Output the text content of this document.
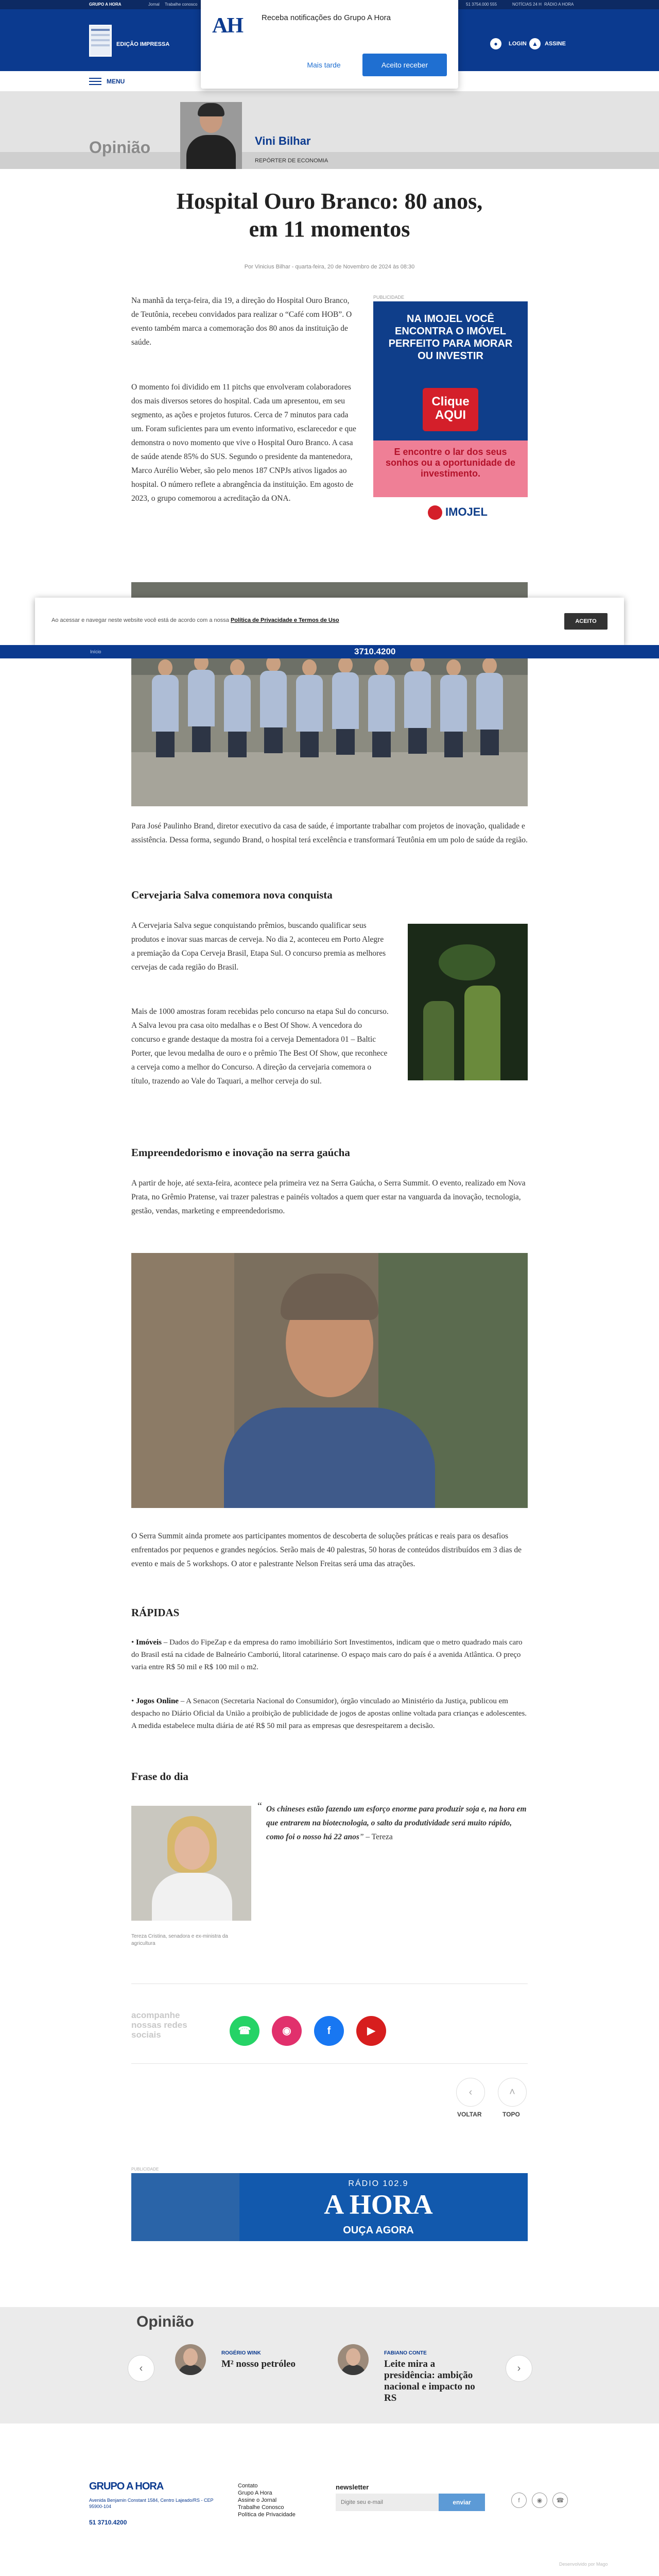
GRUPO A HORA	Jornal Trabalhe conosco	51 3754.000 555	NOTÍCIAS 24 H RÁDIO A HORA
EDIÇÃO IMPRESSA	●	LOGIN ▲	ASSINE
MENU
Opinião	Vini Bilhar
REPÓRTER DE ECONOMIA
AH Receba notificações do Grupo A Hora
Mais tarde	Aceito receber
Hospital Ouro Branco: 80 anos, em 11 momentos
Por Vinicius Bilhar - quarta-feira, 20 de Novembro de 2024 às 08:30

Na manhã da terça-feira, dia 19, a direção do Hospital Ouro Branco, de Teutônia, recebeu convidados para realizar o “Café com HOB”. O evento também marca a comemoração dos 80 anos da instituição de saúde.

O momento foi dividido em 11 pitchs que envolveram colaboradores dos mais diversos setores do hospital. Cada um apresentou, em seu segmento, as ações e projetos futuros. Cerca de 7 minutos para cada um. Foram suficientes para um evento informativo, esclarecedor e que demonstra o novo momento que vive o Hospital Ouro Branco. A casa de saúde atende 85% do SUS. Segundo o presidente da mantenedora, Marco Aurélio Weber, são pelo menos 187 CNPJs ativos ligados ao hospital. O número reflete a abrangência da instituição. Em agosto de 2023, o grupo comemorou a acreditação da ONA.

PUBLICIDADE
NA IMOJEL VOCÊ ENCONTRA O IMÓVEL PERFEITO PARA MORAR OU INVESTIR
Clique AQUI
E encontre o lar dos seus sonhos ou a oportunidade de investimento.
IMOJEL
Ao acessar e navegar neste website você está de acordo com a nossa Política de Privacidade e Termos de Uso	ACEITO
Início	3710.4200

Para José Paulinho Brand, diretor executivo da casa de saúde, é importante trabalhar com projetos de inovação, qualidade e assistência. Dessa forma, segundo Brand, o hospital terá excelência e transformará Teutônia em um polo de saúde da região.

Cervejaria Salva comemora nova conquista

A Cervejaria Salva segue conquistando prêmios, buscando qualificar seus produtos e inovar suas marcas de cerveja. No dia 2, aconteceu em Porto Alegre a premiação da Copa Cerveja Brasil, Etapa Sul. O concurso premia as melhores cervejas de cada região do Brasil.

Mais de 1000 amostras foram recebidas pelo concurso na etapa Sul do concurso. A Salva levou pra casa oito medalhas e o Best Of Show. A vencedora do concurso e grande destaque da mostra foi a cerveja Dementadora 01 – Baltic Porter, que levou medalha de ouro e o prêmio The Best Of Show, que reconhece a cerveja como a melhor do Concurso. A direção da cervejaria comemora o título, trazendo ao Vale do Taquari, a melhor cerveja do sul.

Empreendedorismo e inovação na serra gaúcha

A partir de hoje, até sexta-feira, acontece pela primeira vez na Serra Gaúcha, o Serra Summit. O evento, realizado em Nova Prata, no Grêmio Pratense, vai trazer palestras e painéis voltados a quem quer estar na vanguarda da inovação, tecnologia, gestão, vendas, marketing e empreendedorismo.

O Serra Summit ainda promete aos participantes momentos de descoberta de soluções práticas e reais para os desafios enfrentados por pequenos e grandes negócios. Serão mais de 40 palestras, 50 horas de conteúdos distribuídos em 3 dias de evento e mais de 5 workshops. O ator e palestrante Nelson Freitas será uma das atrações.

RÁPIDAS

• Imóveis – Dados do FipeZap e da empresa do ramo imobiliário Sort Investimentos, indicam que o metro quadrado mais caro do Brasil está na cidade de Balneário Camboriú, litoral catarinense. O espaço mais caro do país é a avenida Atlântica. O preço varia entre R$ 50 mil e R$ 100 mil o m2.

• Jogos Online – A Senacon (Secretaria Nacional do Consumidor), órgão vinculado ao Ministério da Justiça, publicou em despacho no Diário Oficial da União a proibição de publicidade de jogos de apostas online voltada para crianças e adolescentes. A medida estabelece multa diária de até R$ 50 mil para as empresas que desrespeitarem a decisão.

Frase do dia
Tereza Cristina, senadora e ex-ministra da agricultura
“ Os chineses estão fazendo um esforço enorme para produzir soja e, na hora em que entrarem na biotecnologia, o salto da produtividade será muito rápido, como foi o nosso há 22 anos” – Tereza

acompanhe nossas redes sociais	☎	◉	f	▶
‹
VOLTAR
˄
TOPO
PUBLICIDADE
RÁDIO 102.9
A HORA
OUÇA AGORA
Opinião
‹
ROGÉRIO WINK
M² nosso petróleo
FABIANO CONTE
Leite mira a presidência: ambição nacional e impacto no RS
›
GRUPO A HORA
Avenida Benjamin Constant 1584, Centro Lajeado/RS - CEP 95900-104
51 3710.4200
Contato
Grupo A Hora
Assine o Jornal
Trabalhe Conosco
Política de Privacidade
newsletter
Digite seu e-mail
enviar	f	◉	☎
Desenvolvido por Mago
